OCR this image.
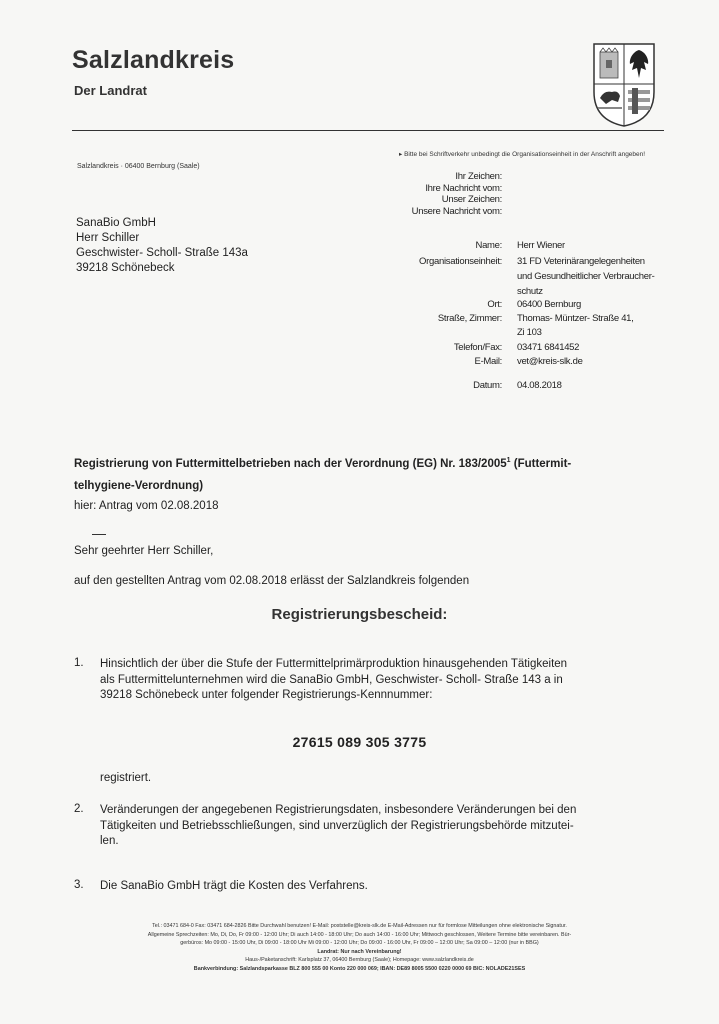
Salzlandkreis
Der Landrat
▸ Bitte bei Schriftverkehr unbedingt die Organisationseinheit in der Anschrift angeben!
Salzlandkreis · 06400 Bernburg (Saale)
SanaBio GmbH
Herr Schiller
Geschwister- Scholl- Straße 143a
39218 Schönebeck
Ihr Zeichen:
Ihre Nachricht vom:
Unser Zeichen:
Unsere Nachricht vom:
Name: Herr Wiener
Organisationseinheit: 31 FD Veterinärangelegenheiten
und Gesundheitlicher Verbraucher-
schutz
Ort: 06400 Bernburg
Straße, Zimmer: Thomas- Müntzer- Straße 41,
Zi 103
Telefon/Fax: 03471 6841452
E-Mail: vet@kreis-slk.de
Datum: 04.08.2018
Registrierung von Futtermittelbetrieben nach der Verordnung (EG) Nr. 183/2005$^1$ (Futtermit-
telhygiene-Verordnung)
hier: Antrag vom 02.08.2018
Sehr geehrter Herr Schiller,
auf den gestellten Antrag vom 02.08.2018 erlässt der Salzlandkreis folgenden
Registrierungsbescheid:
1. Hinsichtlich der über die Stufe der Futtermittelprimärproduktion hinausgehenden Tätigkeiten
als Futtermittelunternehmen wird die SanaBio GmbH, Geschwister- Scholl- Straße 143 a in
39218 Schönebeck unter folgender Registrierungs-Kennnummer:
27615 089 305 3775
registriert.
2. Veränderungen der angegebenen Registrierungsdaten, insbesondere Veränderungen bei den
Tätigkeiten und Betriebsschließungen, sind unverzüglich der Registrierungsbehörde mitzutei-
len.
3. Die SanaBio GmbH trägt die Kosten des Verfahrens.
Tel.: 03471 684-0 Fax: 03471 684-2826 Bitte Durchwahl benutzen! E-Mail: poststelle@kreis-slk.de E-Mail-Adressen nur für formlose Mitteilungen ohne elektronische Signatur.
Allgemeine Sprechzeiten: Mo, Di, Do, Fr 09:00 - 12:00 Uhr; Di auch 14:00 - 18:00 Uhr; Do auch 14:00 - 16:00 Uhr; Mittwoch geschlossen, Weitere Termine bitte vereinbaren. Bür-
gerbüros: Mo 09:00 - 15:00 Uhr, Di 09:00 - 18:00 Uhr Mi 09:00 - 12:00 Uhr; Do 09:00 - 16:00 Uhr, Fr 09:00 – 12:00 Uhr; Sa 09:00 – 12:00 (nur in BBG)
Landrat: Nur nach Vereinbarung!
Haus-/Paketanschrift: Karlsplatz 37, 06400 Bernburg (Saale); Homepage: www.salzlandkreis.de
Bankverbindung: Salzlandsparkasse BLZ 800 555 00 Konto 220 000 069; IBAN: DE89 8005 5500 0220 0000 69 BIC: NOLADE21SES
